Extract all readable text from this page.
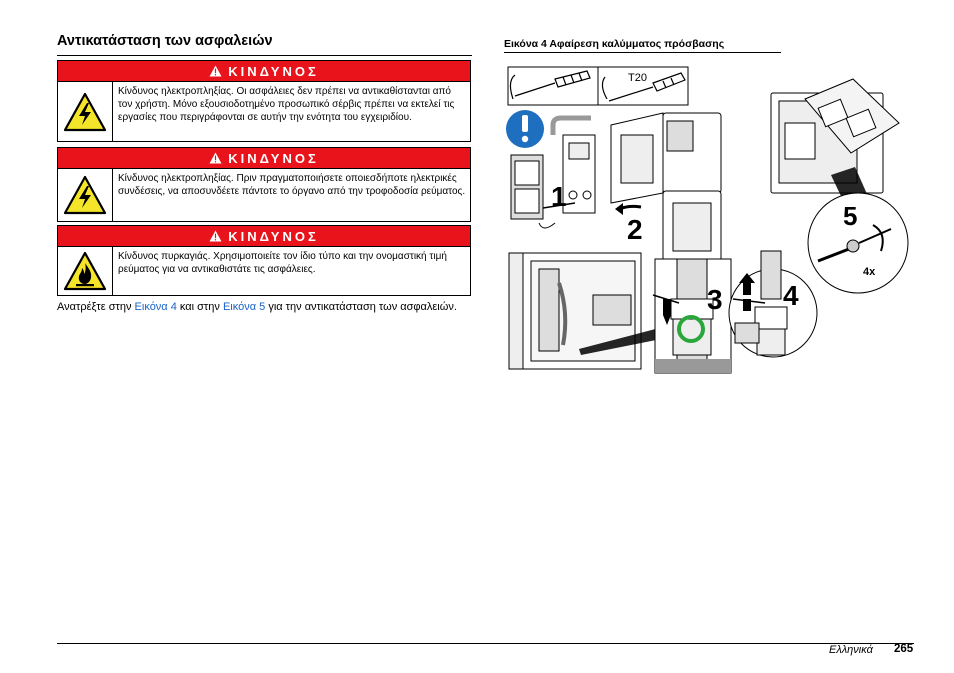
Αντικατάσταση των ασφαλειών
ΚΙΝΔΥΝΟΣ
Κίνδυνος ηλεκτροπληξίας. Οι ασφάλειες δεν πρέπει να αντικαθίστανται από τον χρήστη. Μόνο εξουσιοδοτημένο προσωπικό σέρβις πρέπει να εκτελεί τις εργασίες που περιγράφονται σε αυτήν την ενότητα του εγχειριδίου.
ΚΙΝΔΥΝΟΣ
Κίνδυνος ηλεκτροπληξίας. Πριν πραγματοποιήσετε οποιεσδήποτε ηλεκτρικές συνδέσεις, να αποσυνδέετε πάντοτε το όργανο από την τροφοδοσία ρεύματος.
ΚΙΝΔΥΝΟΣ
Κίνδυνος πυρκαγιάς. Χρησιμοποιείτε τον ίδιο τύπο και την ονομαστική τιμή ρεύματος για να αντικαθιστάτε τις ασφάλειες.
Ανατρέξτε στην Εικόνα 4 και στην Εικόνα 5 για την αντικατάσταση των ασφαλειών.
Εικόνα 4 Αφαίρεση καλύμματος πρόσβασης
T20
1
2	5
4x
3 4
Ελληνικά 265
